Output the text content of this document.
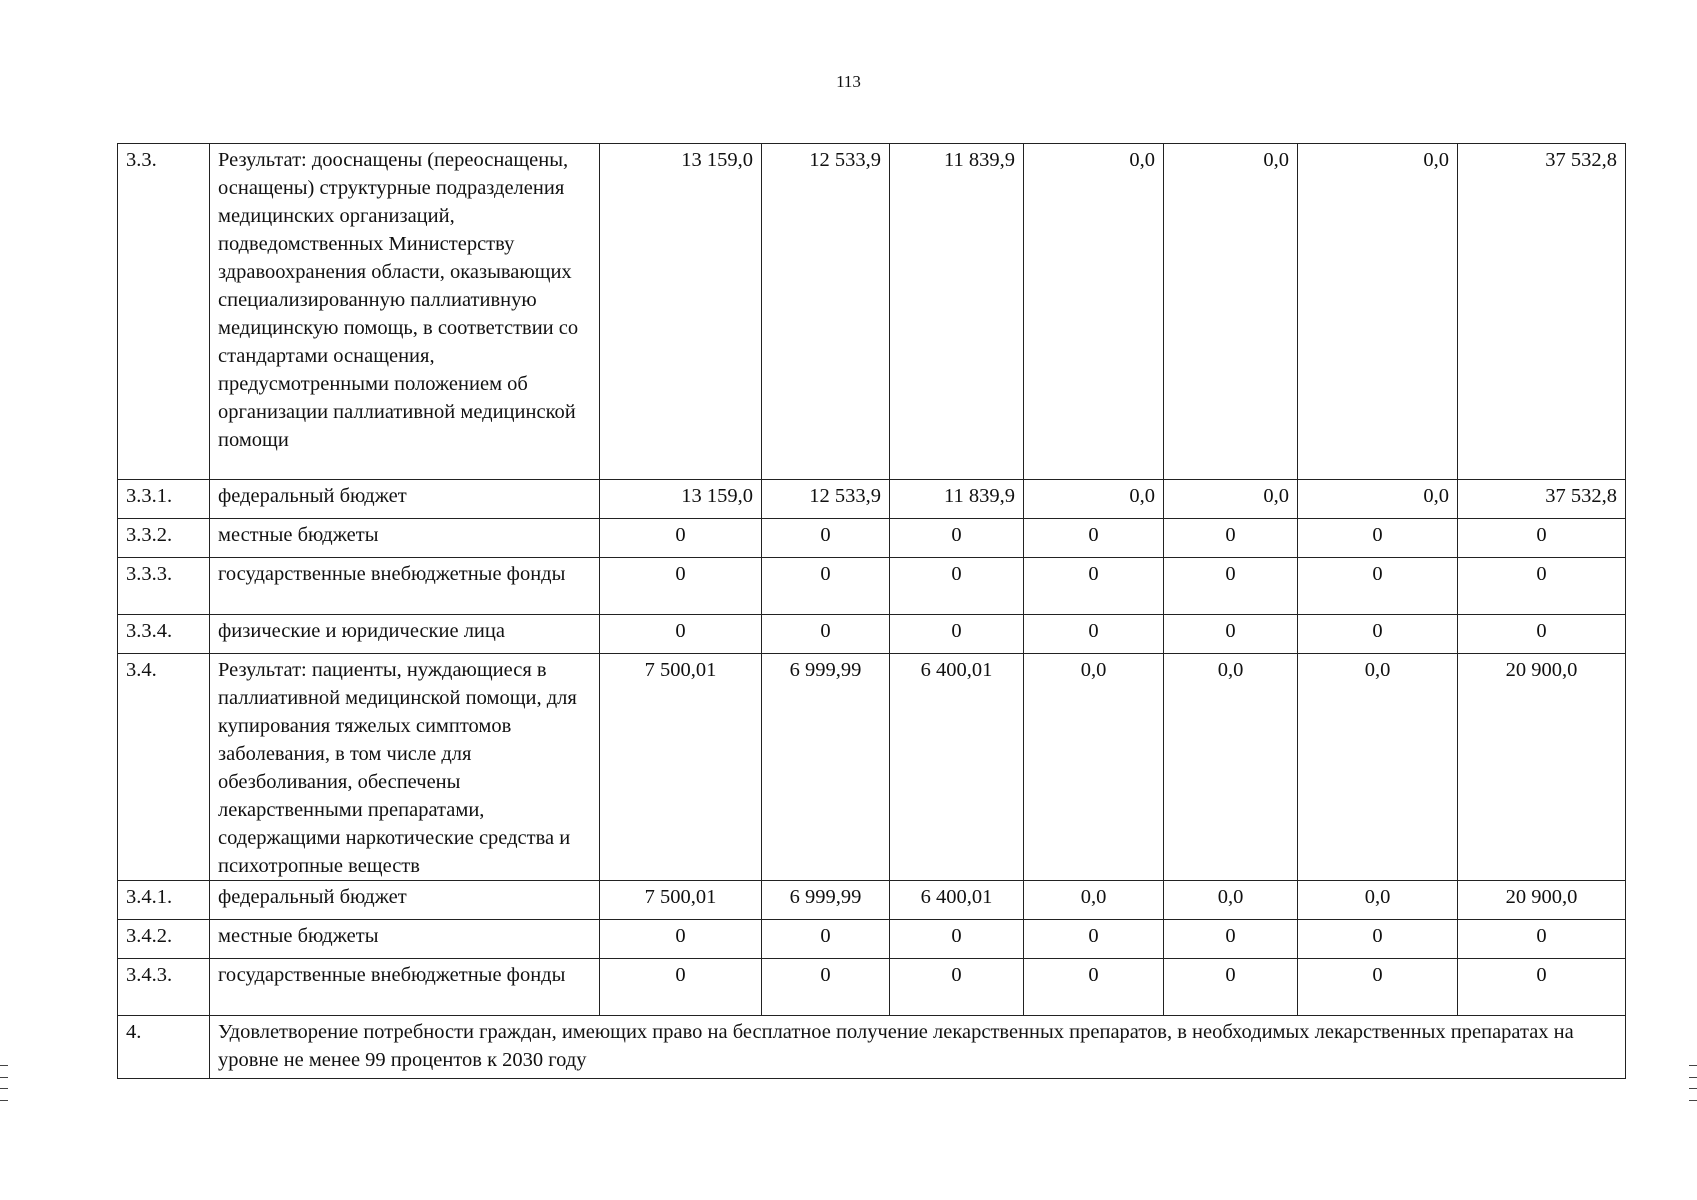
113
3.3.	Результат: дооснащены (переоснащены, оснащены) структурные подразделения медицинских организаций, подведомственных Министерству здравоохранения области, оказывающих специализированную паллиативную медицинскую помощь, в соответствии со стандартами оснащения, предусмотренными положением об организации паллиативной медицинской помощи	13 159,0	12 533,9	11 839,9	0,0	0,0	0,0	37 532,8
3.3.1.	федеральный бюджет	13 159,0	12 533,9	11 839,9	0,0	0,0	0,0	37 532,8
3.3.2.	местные бюджеты	0	0	0	0	0	0	0
3.3.3.	государственные внебюджетные фонды	0	0	0	0	0	0	0
3.3.4.	физические и юридические лица	0	0	0	0	0	0	0
3.4.	Результат: пациенты, нуждающиеся в паллиативной медицинской помощи, для купирования тяжелых симптомов заболевания, в том числе для обезболивания, обеспечены лекарственными препаратами, содержащими наркотические средства и психотропные веществ	7 500,01	6 999,99	6 400,01	0,0	0,0	0,0	20 900,0
3.4.1.	федеральный бюджет	7 500,01	6 999,99	6 400,01	0,0	0,0	0,0	20 900,0
3.4.2.	местные бюджеты	0	0	0	0	0	0	0
3.4.3.	государственные внебюджетные фонды	0	0	0	0	0	0	0
4.	Удовлетворение потребности граждан, имеющих право на бесплатное получение лекарственных препаратов, в необходимых лекарственных препаратах на уровне не менее 99 процентов к 2030 году							
